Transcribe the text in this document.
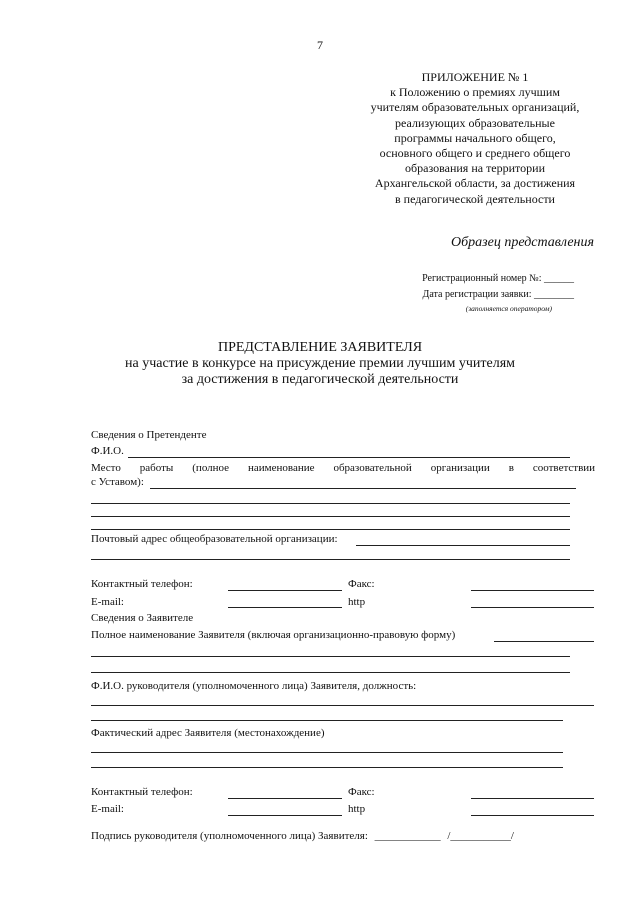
7
ПРИЛОЖЕНИЕ № 1
к Положению о премиях лучшим
учителям образовательных организаций,
реализующих образовательные
программы начального общего,
основного общего и среднего общего
образования на территории
Архангельской области, за достижения
в педагогической деятельности
Образец представления
Регистрационный номер №: ______
Дата регистрации заявки: ________
(заполняется оператором)
ПРЕДСТАВЛЕНИЕ ЗАЯВИТЕЛЯ
на участие в конкурсе на присуждение премии лучшим учителям
за достижения в педагогической деятельности
Сведения о Претенденте
Ф.И.О.
Место работы (полное наименование образовательной организации в соответствии
с Уставом):
Почтовый адрес общеобразовательной организации:
Контактный телефон:	Факс:
E-mail:	http
Сведения о Заявителе
Полное наименование Заявителя (включая организационно-правовую форму)
Ф.И.О. руководителя (уполномоченного лица) Заявителя, должность:
Фактический адрес Заявителя (местонахождение)
Контактный телефон:	Факс:
E-mail:	http
Подпись руководителя (уполномоченного лица) Заявителя: ____________ /___________/
